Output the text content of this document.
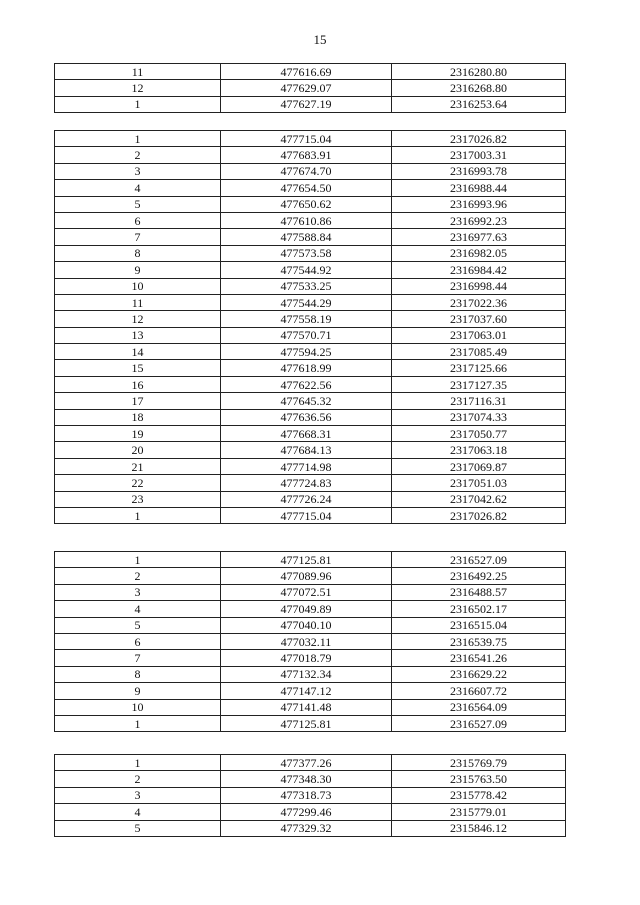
15
11	477616.69	2316280.80
12	477629.07	2316268.80
1	477627.19	2316253.64
1	477715.04	2317026.82
2	477683.91	2317003.31
3	477674.70	2316993.78
4	477654.50	2316988.44
5	477650.62	2316993.96
6	477610.86	2316992.23
7	477588.84	2316977.63
8	477573.58	2316982.05
9	477544.92	2316984.42
10	477533.25	2316998.44
11	477544.29	2317022.36
12	477558.19	2317037.60
13	477570.71	2317063.01
14	477594.25	2317085.49
15	477618.99	2317125.66
16	477622.56	2317127.35
17	477645.32	2317116.31
18	477636.56	2317074.33
19	477668.31	2317050.77
20	477684.13	2317063.18
21	477714.98	2317069.87
22	477724.83	2317051.03
23	477726.24	2317042.62
1	477715.04	2317026.82
1	477125.81	2316527.09
2	477089.96	2316492.25
3	477072.51	2316488.57
4	477049.89	2316502.17
5	477040.10	2316515.04
6	477032.11	2316539.75
7	477018.79	2316541.26
8	477132.34	2316629.22
9	477147.12	2316607.72
10	477141.48	2316564.09
1	477125.81	2316527.09
1	477377.26	2315769.79
2	477348.30	2315763.50
3	477318.73	2315778.42
4	477299.46	2315779.01
5	477329.32	2315846.12
